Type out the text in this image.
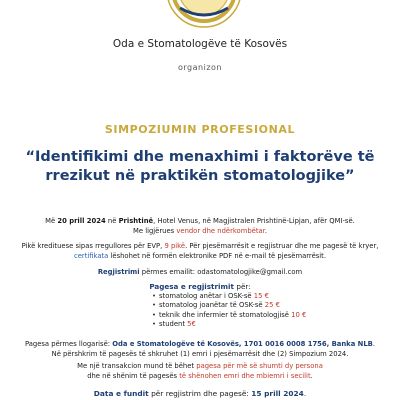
Oda e Stomatologëve të Kosovës
organizon
SIMPOZIUMIN PROFESIONAL
“Identifikimi dhe menaxhimi i faktorëve të rrezikut në praktikën stomatologjike”
Më 20 prill 2024 në Prishtinë, Hotel Venus, në Magjistralen Prishtinë-Lipjan, afër QMI-së.
Me ligjërues vendor dhe ndërkombëtar.
Pikë kredituese sipas rregullores për EVP, 9 pikë. Për pjesëmarrësit e regjistruar dhe me pagesë të kryer,
certifikata lëshohet në formën elektronike PDF në e-mail të pjesëmarrësit.
Regjistrimi përmes emailit: odastomatologjike@gmail.com
Pagesa e regjistrimit për:
• stomatolog anëtar i OSK-së 15 €
• stomatolog joanëtar të OSK-së 25 €
• teknik dhe infermier të stomatologjisë 10 €
• student 5€
Pagesa përmes llogarisë: Oda e Stomatologëve të Kosovës, 1701 0016 0008 1756, Banka NLB.
Në përshkrim të pagesës të shkruhet (1) emri i pjesëmarrësit dhe (2) Simpozium 2024.
Me një transakcion mund të bëhet pagesa për më së shumti dy persona
dhe në shënim të pagesës të shënohen emri dhe mbiemri i secilit.
Data e fundit për regjistrim dhe pagesë: 15 prill 2024.
